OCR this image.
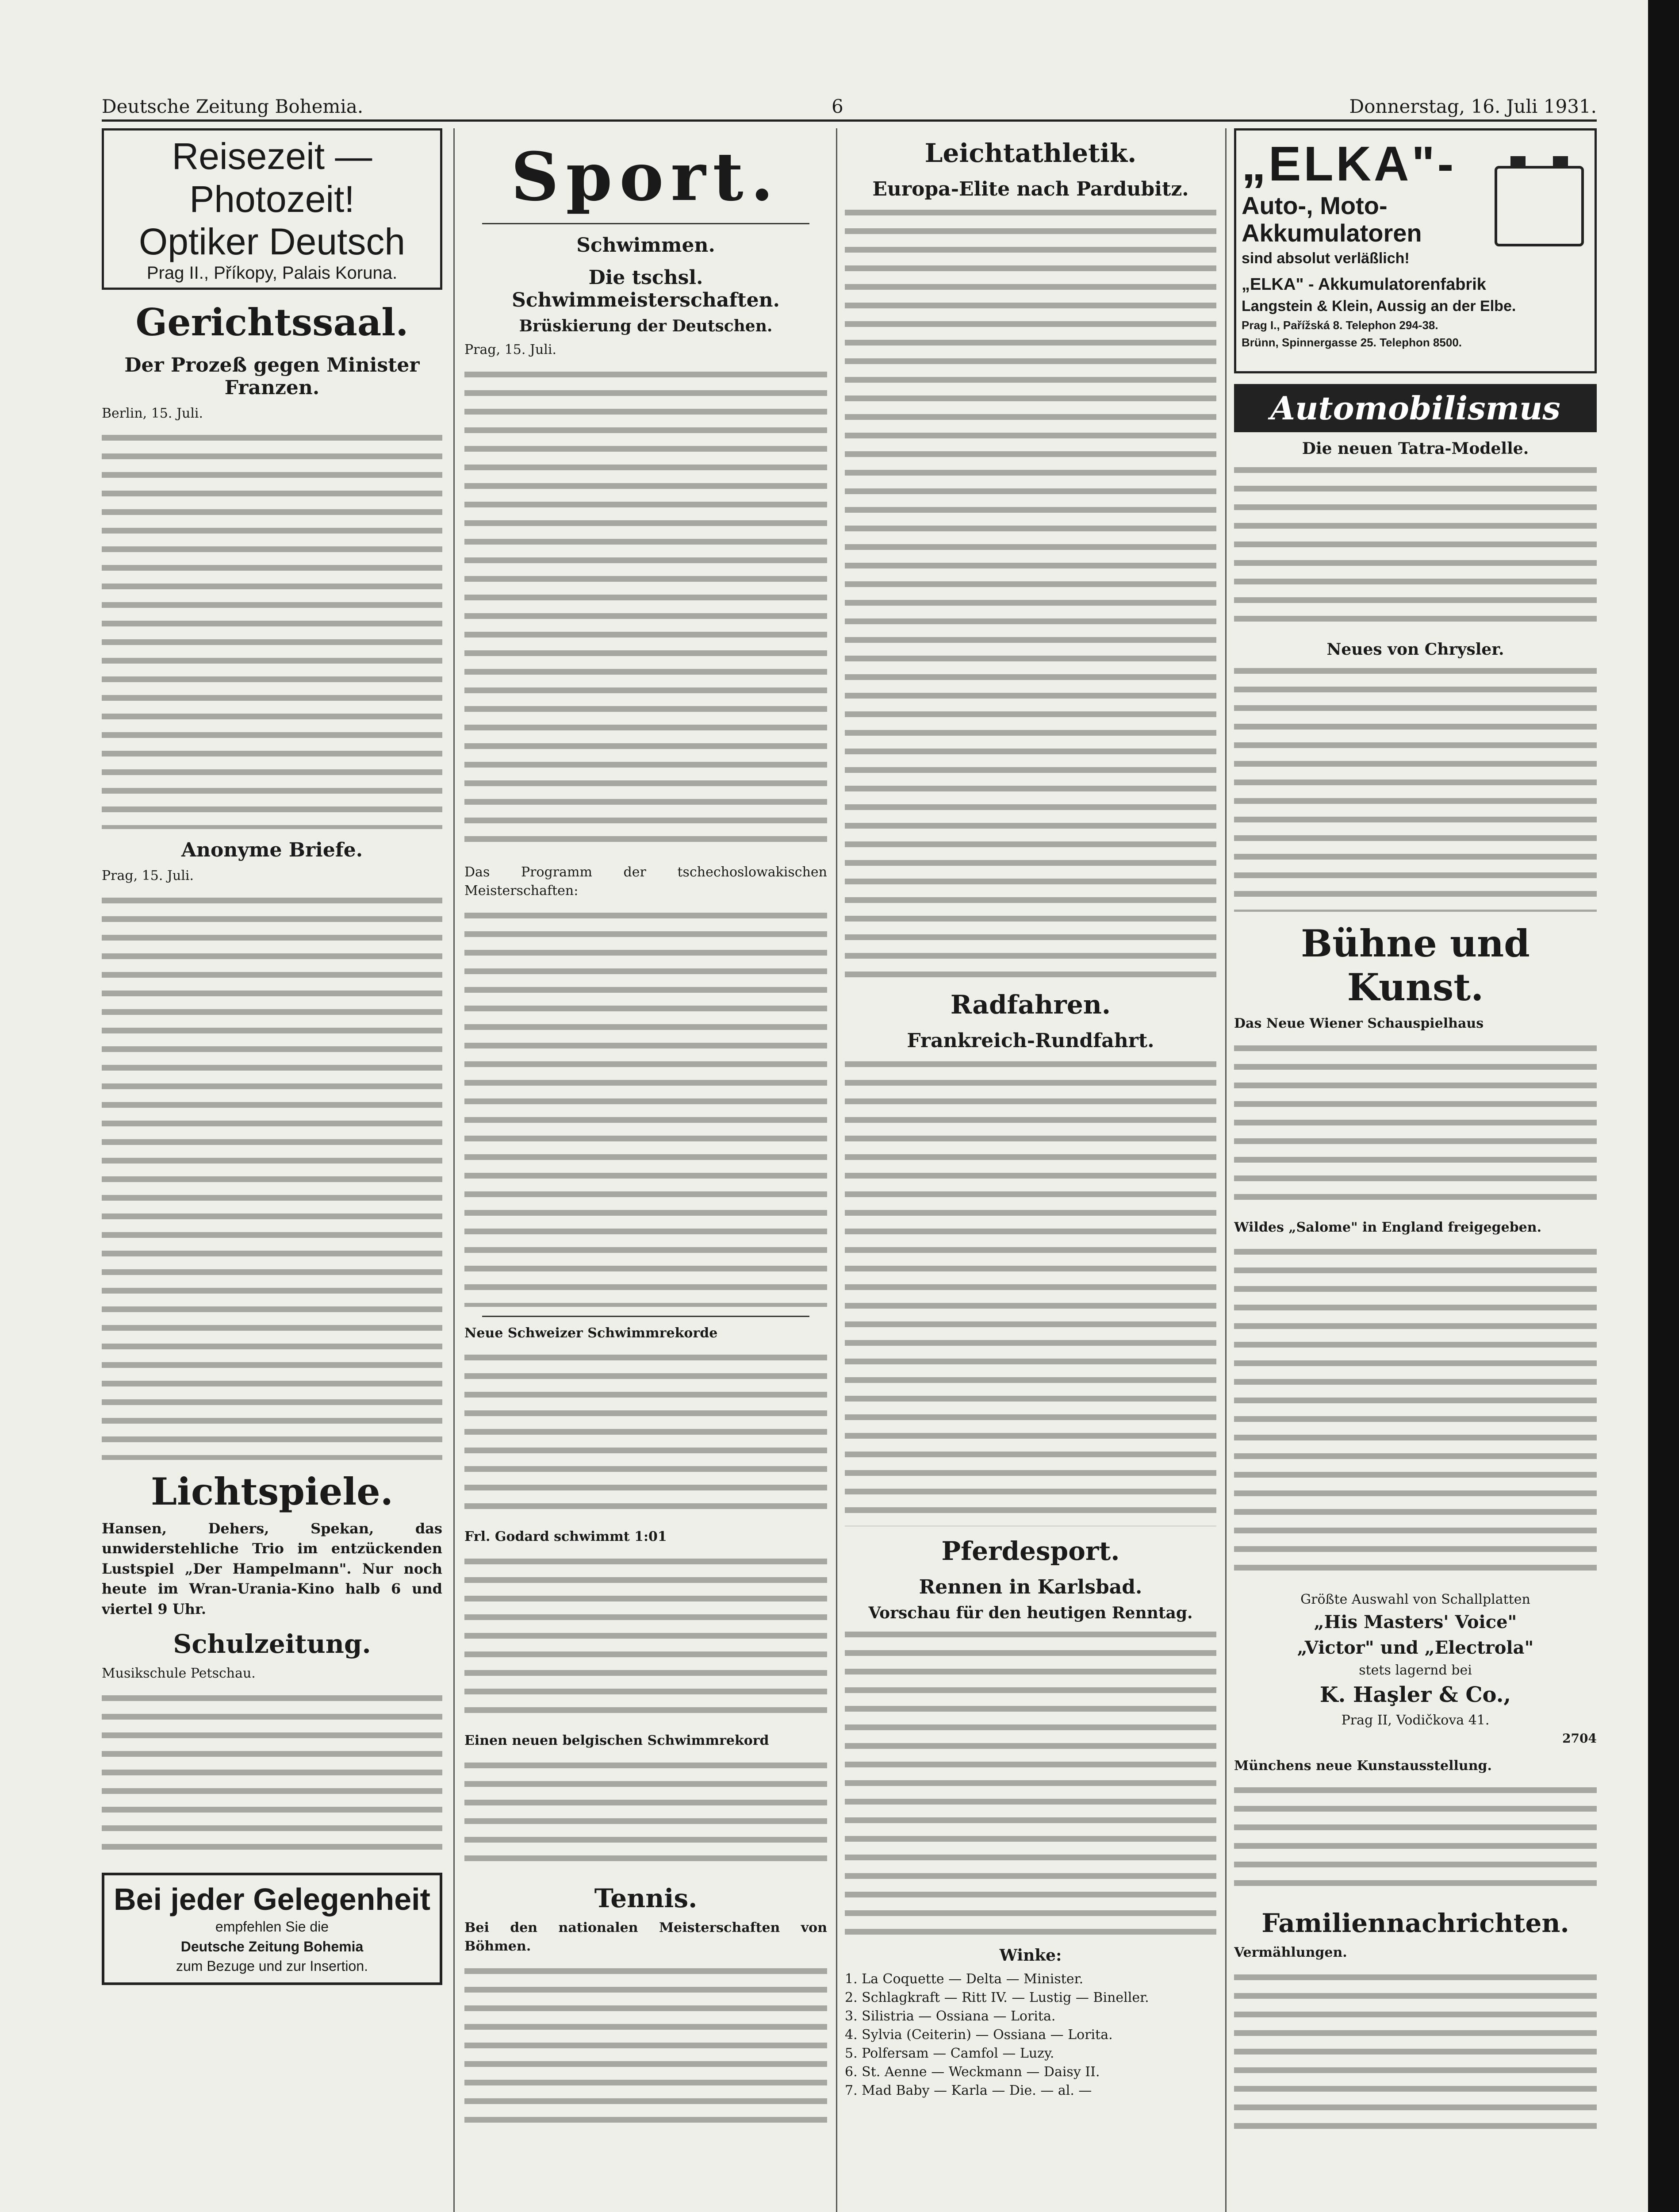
Deutsche Zeitung Bohemia.	6	Donnerstag, 16. Juli 1931.
Reisezeit — Photozeit!
Optiker Deutsch
Prag II., Příkopy, Palais Koruna.
Gerichtssaal.
Der Prozeß gegen Minister Franzen.

Berlin, 15. Juli.

Anonyme Briefe.

Prag, 15. Juli.

Lichtspiele.

Hansen, Dehers, Spekan, das unwiderstehliche Trio im entzückenden Lustspiel „Der Hampelmann". Nur noch heute im Wran-Urania-Kino halb 6 und viertel 9 Uhr.

Schulzeitung.

Musikschule Petschau.

Bei jeder Gelegenheit
empfehlen Sie die
Deutsche Zeitung Bohemia
zum Bezuge und zur Insertion.
Sport.
Schwimmen.
Die tschsl. Schwimmeisterschaften.
Brüskierung der Deutschen.

Prag, 15. Juli.

Das Programm der tschechoslowakischen Meisterschaften:

Neue Schweizer Schwimmrekorde

Frl. Godard schwimmt 1:01

Einen neuen belgischen Schwimmrekord

Tennis.

Bei den nationalen Meisterschaften von Böhmen.

Leichtathletik.
Europa-Elite nach Pardubitz.
Radfahren.
Frankreich-Rundfahrt.
Pferdesport.
Rennen in Karlsbad.
Vorschau für den heutigen Renntag.
Winke:
1. La Coquette — Delta — Minister.
2. Schlagkraft — Ritt IV. — Lustig — Bineller.
3. Silistria — Ossiana — Lorita.
4. Sylvia (Ceiterin) — Ossiana — Lorita.
5. Polfersam — Camfol — Luzy.
6. St. Aenne — Weckmann — Daisy II.
7. Mad Baby — Karla — Die. — al. —
„ELKA"-
Auto-, Moto-
Akkumulatoren
sind absolut verläßlich!
„ELKA" - Akkumulatorenfabrik
Langstein & Klein, Aussig an der Elbe.
Prag I., Pařížská 8. Telephon 294-38.
Brünn, Spinnergasse 25. Telephon 8500.
Automobilismus
Die neuen Tatra-Modelle.
Neues von Chrysler.
Bühne und Kunst.

Das Neue Wiener Schauspielhaus

Wildes „Salome" in England freigegeben.

Größte Auswahl von Schallplatten
„His Masters' Voice"
„Victor" und „Electrola"
stets lagernd bei
K. Haşler & Co.,
Prag II, Vodičkova 41.
2704

Münchens neue Kunstausstellung.

Familiennachrichten.

Vermählungen.
